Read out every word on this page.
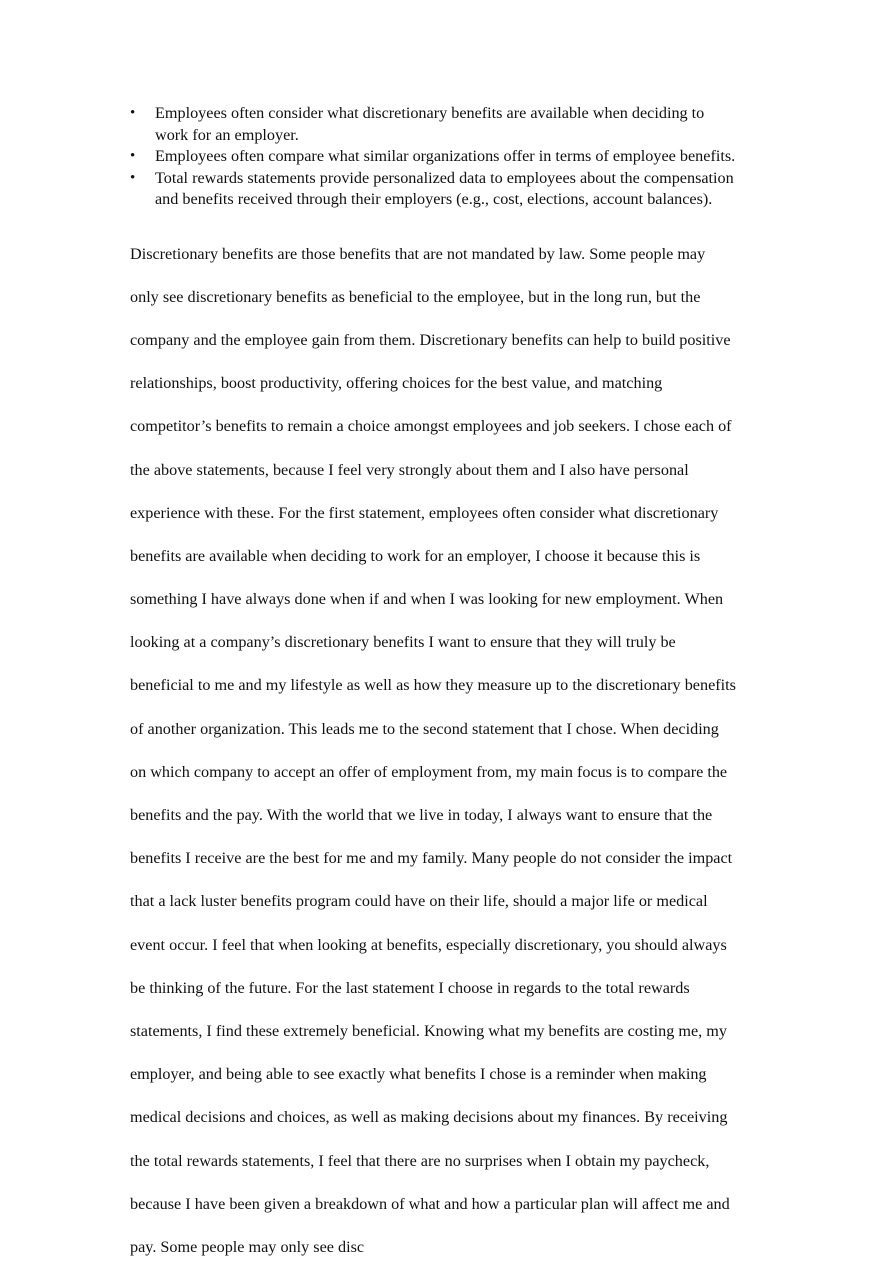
• Employees often consider what discretionary benefits are available when deciding to
work for an employer.
• Employees often compare what similar organizations offer in terms of employee benefits.
• Total rewards statements provide personalized data to employees about the compensation
and benefits received through their employers (e.g., cost, elections, account balances).

Discretionary benefits are those benefits that are not mandated by law. Some people may

only see discretionary benefits as beneficial to the employee, but in the long run, but the

company and the employee gain from them. Discretionary benefits can help to build positive

relationships, boost productivity, offering choices for the best value, and matching

competitor’s benefits to remain a choice amongst employees and job seekers. I chose each of

the above statements, because I feel very strongly about them and I also have personal

experience with these. For the first statement, employees often consider what discretionary

benefits are available when deciding to work for an employer, I choose it because this is

something I have always done when if and when I was looking for new employment. When

looking at a company’s discretionary benefits I want to ensure that they will truly be

beneficial to me and my lifestyle as well as how they measure up to the discretionary benefits

of another organization. This leads me to the second statement that I chose. When deciding

on which company to accept an offer of employment from, my main focus is to compare the

benefits and the pay. With the world that we live in today, I always want to ensure that the

benefits I receive are the best for me and my family. Many people do not consider the impact

that a lack luster benefits program could have on their life, should a major life or medical

event occur. I feel that when looking at benefits, especially discretionary, you should always

be thinking of the future. For the last statement I choose in regards to the total rewards

statements, I find these extremely beneficial. Knowing what my benefits are costing me, my

employer, and being able to see exactly what benefits I chose is a reminder when making

medical decisions and choices, as well as making decisions about my finances. By receiving

the total rewards statements, I feel that there are no surprises when I obtain my paycheck,

because I have been given a breakdown of what and how a particular plan will affect me and

pay. Some people may only see disc
